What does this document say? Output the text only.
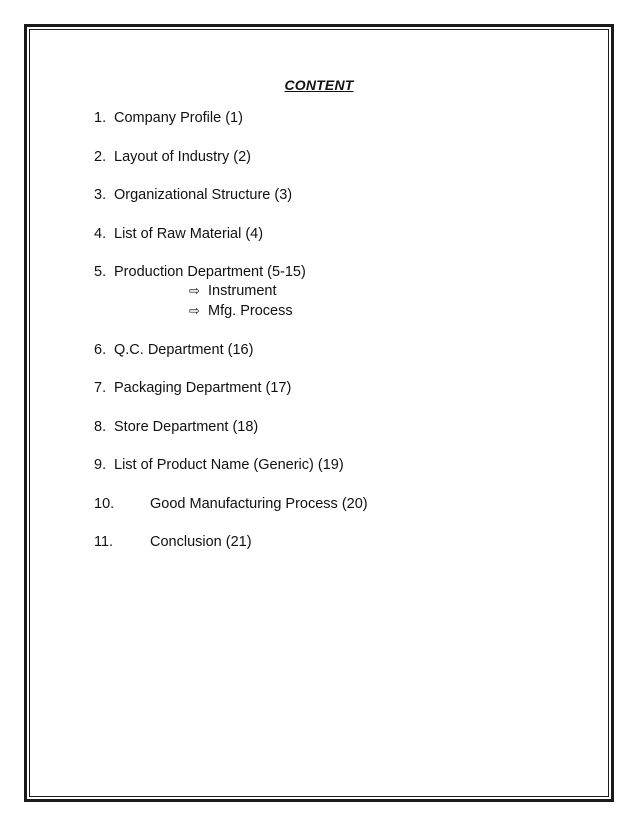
CONTENT
1. Company Profile (1)
2. Layout of Industry (2)
3. Organizational Structure (3)
4. List of Raw Material (4)
5. Production Department (5-15)
⇨ Instrument
⇨ Mfg. Process
6. Q.C. Department (16)
7. Packaging Department (17)
8. Store Department (18)
9. List of Product Name (Generic) (19)
10. Good Manufacturing Process (20)
11.	Conclusion (21)
